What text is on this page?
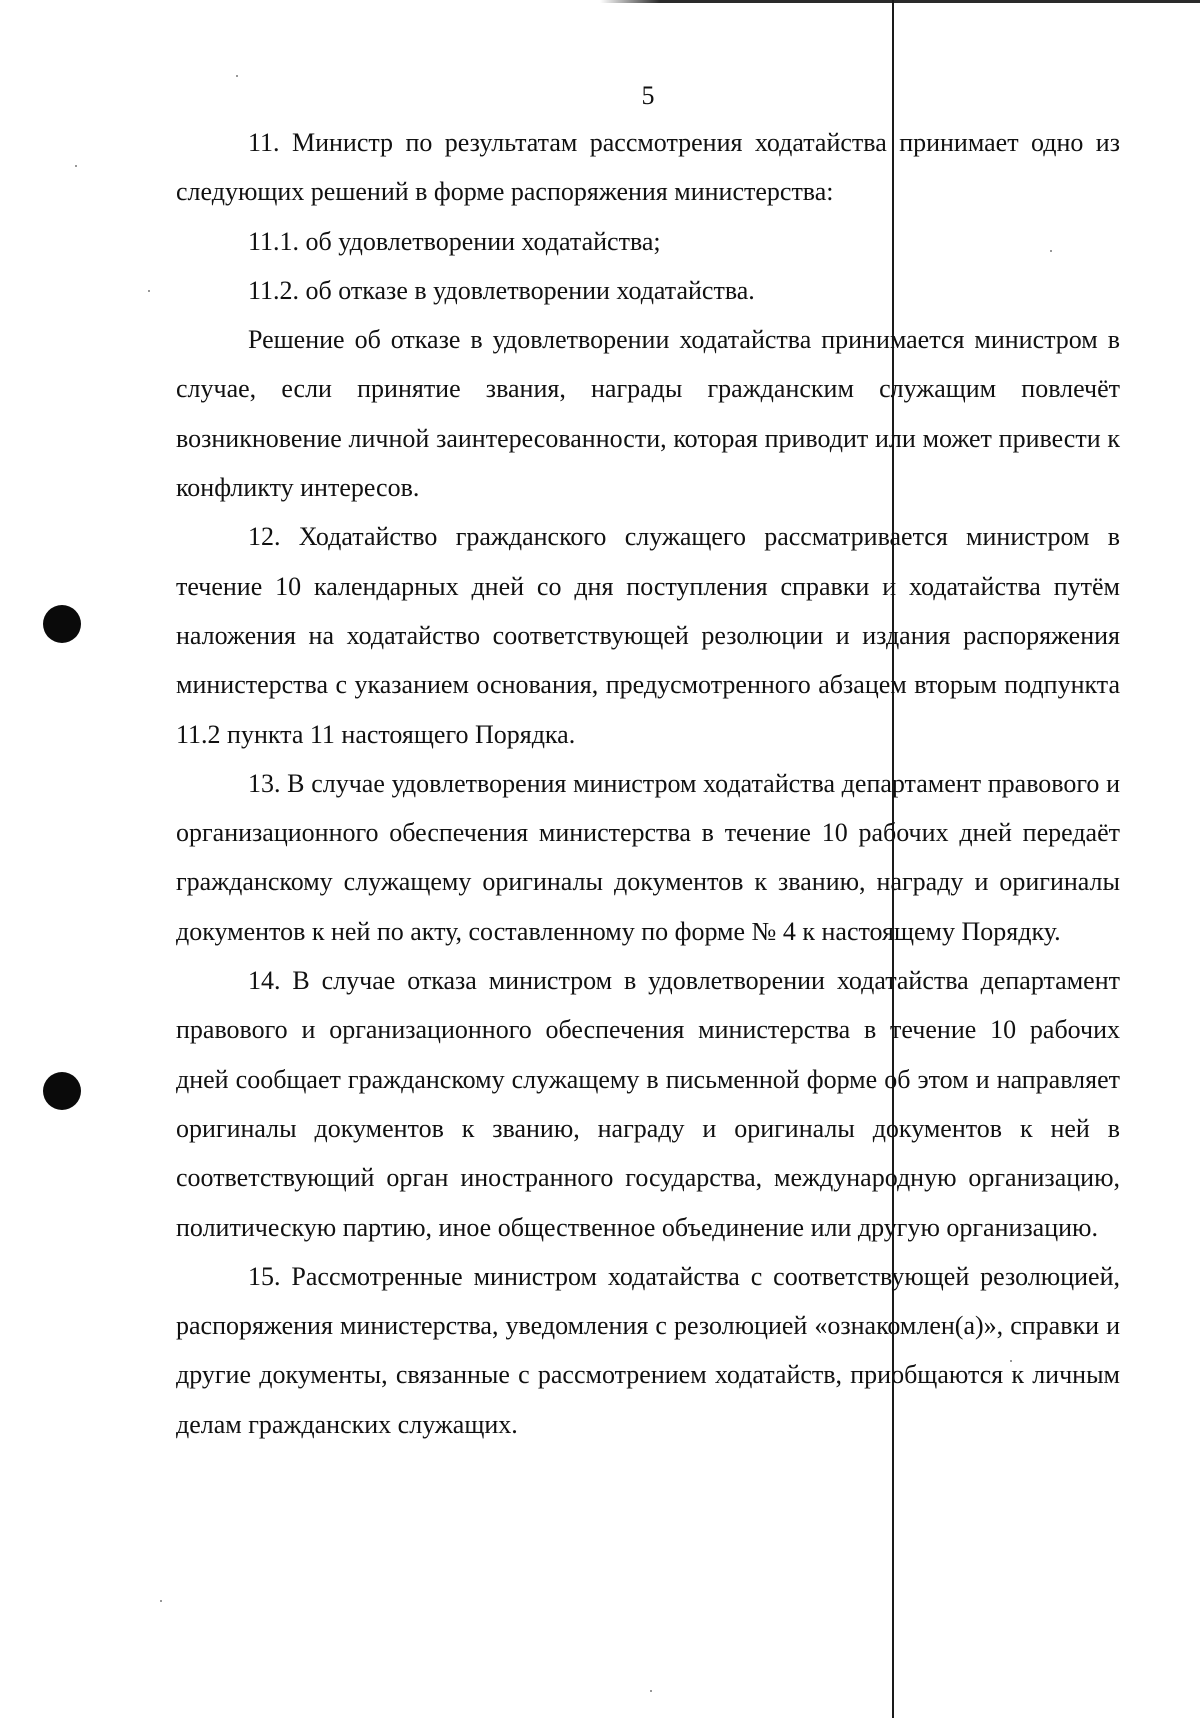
5

11. Министр по результатам рассмотрения ходатайства принимает одно из следующих решений в форме распоряжения министерства:

11.1. об удовлетворении ходатайства;

11.2. об отказе в удовлетворении ходатайства.

Решение об отказе в удовлетворении ходатайства принимается министром в случае, если принятие звания, награды гражданским служащим повлечёт возникновение личной заинтересованности, которая приводит или может привести к конфликту интересов.

12. Ходатайство гражданского служащего рассматривается министром в течение 10 календарных дней со дня поступления справки и ходатайства путём наложения на ходатайство соответствующей резолюции и издания распоряжения министерства с указанием основания, предусмотренного абзацем вторым подпункта 11.2 пункта 11 настоящего Порядка.

13. В случае удовлетворения министром ходатайства департамент правового и организационного обеспечения министерства в течение 10 рабочих дней передаёт гражданскому служащему оригиналы документов к званию, награду и оригиналы документов к ней по акту, составленному по форме № 4 к настоящему Порядку.

14. В случае отказа министром в удовлетворении ходатайства департамент правового и организационного обеспечения министерства в течение 10 рабочих дней сообщает гражданскому служащему в письменной форме об этом и направляет оригиналы документов к званию, награду и оригиналы документов к ней в соответствующий орган иностранного государства, международную организацию, политическую партию, иное общественное объединение или другую организацию.

15. Рассмотренные министром ходатайства с соответствующей резолюцией, распоряжения министерства, уведомления с резолюцией «ознакомлен(а)», справки и другие документы, связанные с рассмотрением ходатайств, приобщаются к личным делам гражданских служащих.
